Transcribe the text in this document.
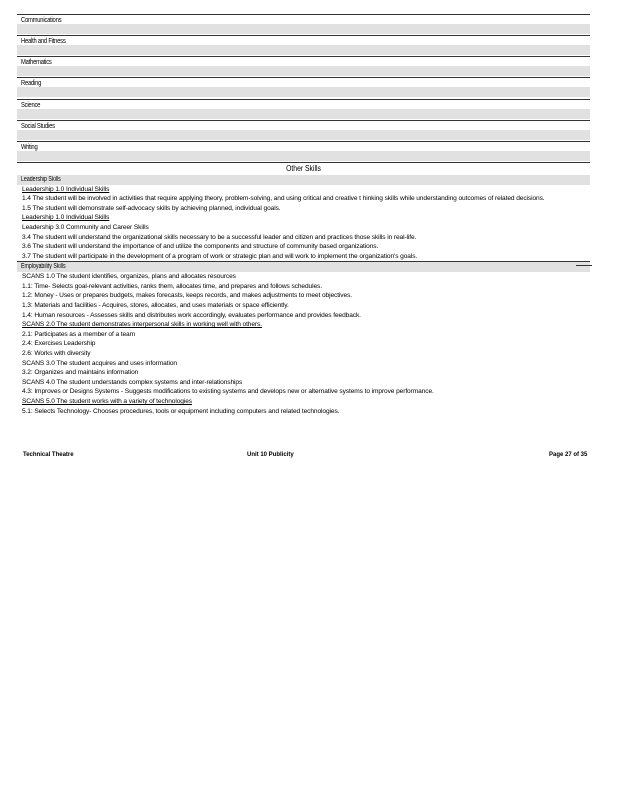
Communications
Health and Fitness
Mathematics
Reading
Science
Social Studies
Writing
Other Skills
Leadership Skills
Leadership 1.0 Individual Skills
1.4 The student will be involved in activities that require applying theory, problem-solving, and using critical and creative t hinking skills while understanding outcomes of related decisions.
1.5 The student will demonstrate self-advocacy skills by achieving planned, individual goals.
Leadership 1.0 Individual Skills
Leadership 3.0 Community and Career Skills
3.4 The student will understand the organizational skills necessary to be a successful leader and citizen and practices those skills in real-life.
3.6 The student will understand the importance of and utilize the components and structure of community based organizations.
3.7 The student will participate in the development of a program of work or strategic plan and will work to implement the organization's goals.
Employability Skills
SCANS 1.0 The student identifies, organizes, plans and allocates resources
1.1: Time- Selects goal-relevant activities, ranks them, allocates time, and prepares and follows schedules.
1.2: Money - Uses or prepares budgets, makes forecasts, keeps records, and makes adjustments to meet objectives.
1.3: Materials and facilities - Acquires, stores, allocates, and uses materials or space efficiently.
1.4: Human resources - Assesses skills and distributes work accordingly, evaluates performance and provides feedback.
SCANS 2.0 The student demonstrates interpersonal skills in working well with others.
2.1: Participates as a member of a team
2.4: Exercises Leadership
2.6: Works with diversity
SCANS 3.0 The student acquires and uses information
3.2: Organizes and maintains information
SCANS 4.0 The student understands complex systems and inter-relationships
4.3: Improves or Designs Systems - Suggests modifications to existing systems and develops new or alternative systems to improve performance.
SCANS 5.0 The student works with a variety of technologies
5.1: Selects Technology- Chooses procedures, tools or equipment including computers and related technologies.
Technical Theatre	Unit 10 Publicity	Page 27 of 35
